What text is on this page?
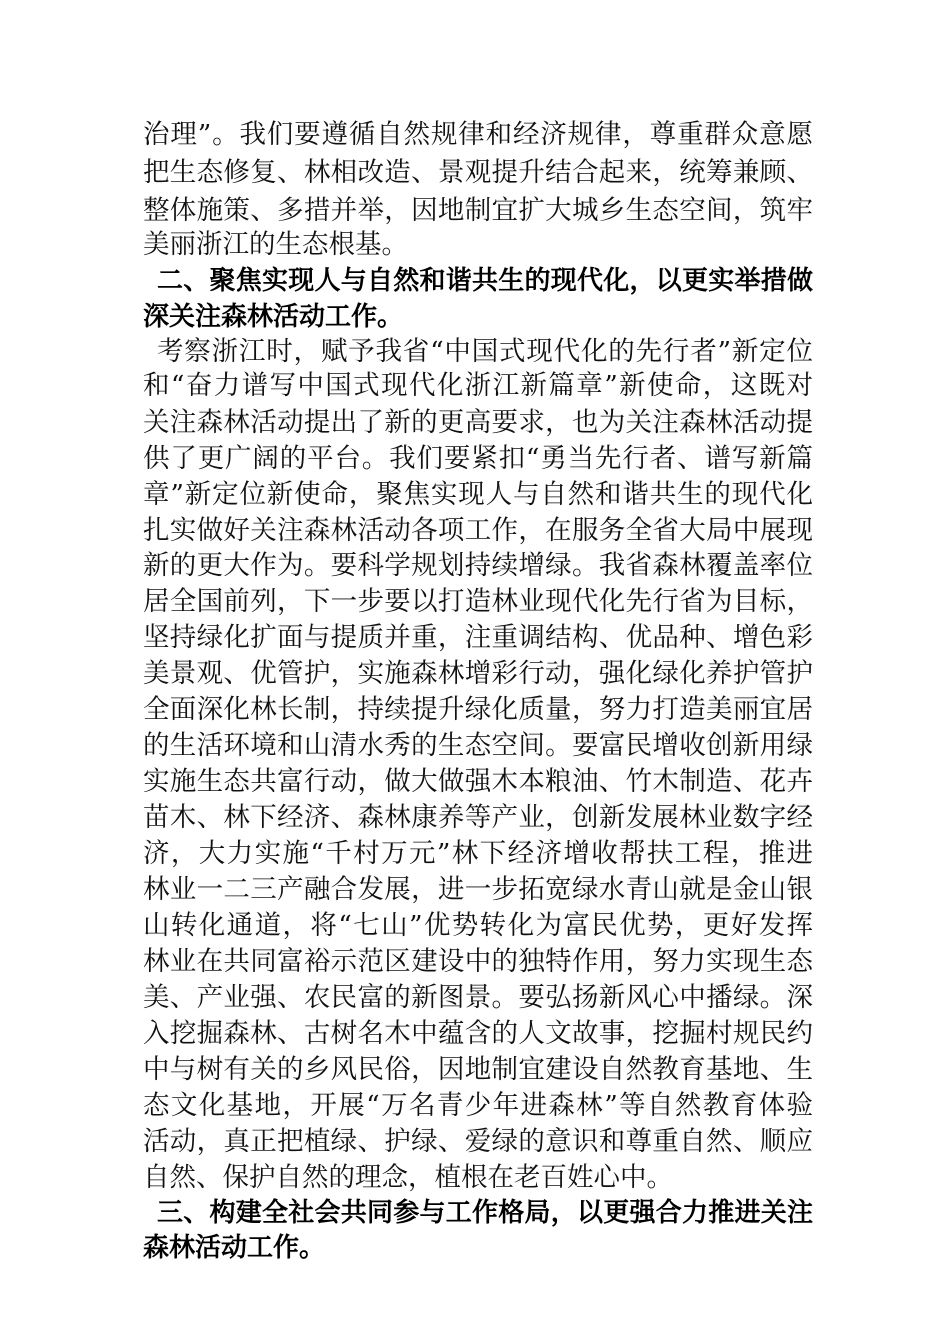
治理”。我们要遵循自然规律和经济规律，尊重群众意愿
把生态修复、林相改造、景观提升结合起来，统筹兼顾、
整体施策、多措并举，因地制宜扩大城乡生态空间，筑牢
美丽浙江的生态根基。
二、聚焦实现人与自然和谐共生的现代化，以更实举措做
深关注森林活动工作。
考察浙江时，赋予我省“中国式现代化的先行者”新定位
和“奋力谱写中国式现代化浙江新篇章”新使命，这既对
关注森林活动提出了新的更高要求，也为关注森林活动提
供了更广阔的平台。我们要紧扣“勇当先行者、谱写新篇
章”新定位新使命，聚焦实现人与自然和谐共生的现代化
扎实做好关注森林活动各项工作，在服务全省大局中展现
新的更大作为。要科学规划持续增绿。我省森林覆盖率位
居全国前列，下一步要以打造林业现代化先行省为目标，
坚持绿化扩面与提质并重，注重调结构、优品种、增色彩
美景观、优管护，实施森林增彩行动，强化绿化养护管护
全面深化林长制，持续提升绿化质量，努力打造美丽宜居
的生活环境和山清水秀的生态空间。要富民增收创新用绿
实施生态共富行动，做大做强木本粮油、竹木制造、花卉
苗木、林下经济、森林康养等产业，创新发展林业数字经
济，大力实施“千村万元”林下经济增收帮扶工程，推进
林业一二三产融合发展，进一步拓宽绿水青山就是金山银
山转化通道，将“七山”优势转化为富民优势，更好发挥
林业在共同富裕示范区建设中的独特作用，努力实现生态
美、产业强、农民富的新图景。要弘扬新风心中播绿。深
入挖掘森林、古树名木中蕴含的人文故事，挖掘村规民约
中与树有关的乡风民俗，因地制宜建设自然教育基地、生
态文化基地，开展“万名青少年进森林”等自然教育体验
活动，真正把植绿、护绿、爱绿的意识和尊重自然、顺应
自然、保护自然的理念，植根在老百姓心中。
三、构建全社会共同参与工作格局，以更强合力推进关注
森林活动工作。
